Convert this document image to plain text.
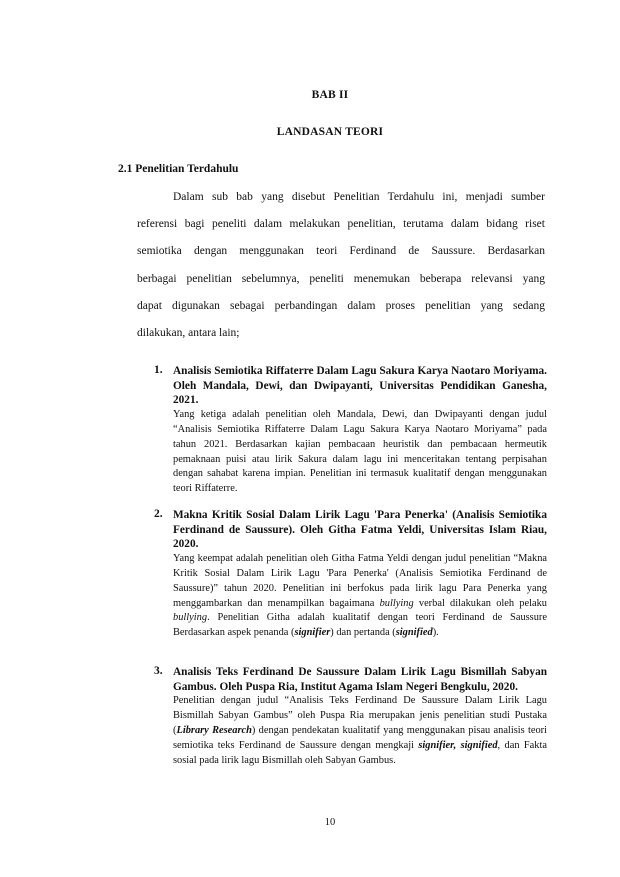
BAB II
LANDASAN TEORI
2.1 Penelitian Terdahulu
Dalam sub bab yang disebut Penelitian Terdahulu ini, menjadi sumber
referensi bagi peneliti dalam melakukan penelitian, terutama dalam bidang riset
semiotika dengan menggunakan teori Ferdinand de Saussure. Berdasarkan
berbagai penelitian sebelumnya, peneliti menemukan beberapa relevansi yang
dapat digunakan sebagai perbandingan dalam proses penelitian yang sedang
dilakukan, antara lain;
1. Analisis Semiotika Riffaterre Dalam Lagu Sakura Karya Naotaro Moriyama. Oleh Mandala, Dewi, dan Dwipayanti, Universitas Pendidikan Ganesha, 2021.
Yang ketiga adalah penelitian oleh Mandala, Dewi, dan Dwipayanti dengan judul “Analisis Semiotika Riffaterre Dalam Lagu Sakura Karya Naotaro Moriyama” pada tahun 2021. Berdasarkan kajian pembacaan heuristik dan pembacaan hermeutik pemaknaan puisi atau lirik Sakura dalam lagu ini menceritakan tentang perpisahan dengan sahabat karena impian. Penelitian ini termasuk kualitatif dengan menggunakan teori Riffaterre.
2. Makna Kritik Sosial Dalam Lirik Lagu 'Para Penerka' (Analisis Semiotika Ferdinand de Saussure). Oleh Githa Fatma Yeldi, Universitas Islam Riau, 2020.
Yang keempat adalah penelitian oleh Githa Fatma Yeldi dengan judul penelitian “Makna Kritik Sosial Dalam Lirik Lagu 'Para Penerka' (Analisis Semiotika Ferdinand de Saussure)” tahun 2020. Penelitian ini berfokus pada lirik lagu Para Penerka yang menggambarkan dan menampilkan bagaimana bullying verbal dilakukan oleh pelaku bullying. Penelitian Githa adalah kualitatif dengan teori Ferdinand de Saussure Berdasarkan aspek penanda (signifier) dan pertanda (signified).
3. Analisis Teks Ferdinand De Saussure Dalam Lirik Lagu Bismillah Sabyan Gambus. Oleh Puspa Ria, Institut Agama Islam Negeri Bengkulu, 2020.
Penelitian dengan judul “Analisis Teks Ferdinand De Saussure Dalam Lirik Lagu Bismillah Sabyan Gambus” oleh Puspa Ria merupakan jenis penelitian studi Pustaka (Library Research) dengan pendekatan kualitatif yang menggunakan pisau analisis teori semiotika teks Ferdinand de Saussure dengan mengkaji signifier, signified, dan Fakta sosial pada lirik lagu Bismillah oleh Sabyan Gambus.
10
